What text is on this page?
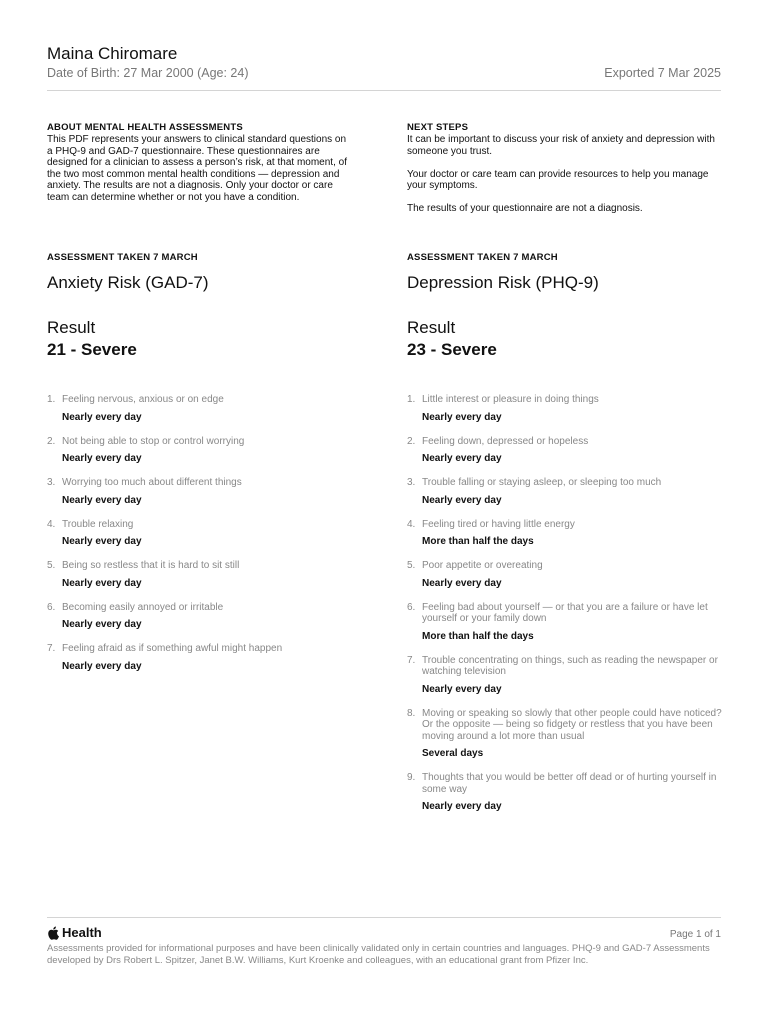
Maina Chiromare
Date of Birth: 27 Mar 2000 (Age: 24)	Exported 7 Mar 2025
ABOUT MENTAL HEALTH ASSESSMENTS

This PDF represents your answers to clinical standard questions on a PHQ-9 and GAD-7 questionnaire. These questionnaires are designed for a clinician to assess a person’s risk, at that moment, of the two most common mental health conditions — depression and anxiety. The results are not a diagnosis. Only your doctor or care team can determine whether or not you have a condition.

NEXT STEPS

It can be important to discuss your risk of anxiety and depression with someone you trust.

Your doctor or care team can provide resources to help you manage your symptoms.

The results of your questionnaire are not a diagnosis.

ASSESSMENT TAKEN 7 MARCH
Anxiety Risk (GAD-7)
Result
21 - Severe
1. Feeling nervous, anxious or on edge
Nearly every day
2. Not being able to stop or control worrying
Nearly every day
3. Worrying too much about different things
Nearly every day
4. Trouble relaxing
Nearly every day
5. Being so restless that it is hard to sit still
Nearly every day
6. Becoming easily annoyed or irritable
Nearly every day
7. Feeling afraid as if something awful might happen
Nearly every day
ASSESSMENT TAKEN 7 MARCH
Depression Risk (PHQ-9)
Result
23 - Severe
1. Little interest or pleasure in doing things
Nearly every day
2. Feeling down, depressed or hopeless
Nearly every day
3. Trouble falling or staying asleep, or sleeping too much
Nearly every day
4. Feeling tired or having little energy
More than half the days
5. Poor appetite or overeating
Nearly every day
6. Feeling bad about yourself — or that you are a failure or have let yourself or your family down
More than half the days
7. Trouble concentrating on things, such as reading the newspaper or watching television
Nearly every day
8. Moving or speaking so slowly that other people could have noticed? Or the opposite — being so fidgety or restless that you have been moving around a lot more than usual
Several days
9. Thoughts that you would be better off dead or of hurting yourself in some way
Nearly every day
Health	Page 1 of 1
Assessments provided for informational purposes and have been clinically validated only in certain countries and languages. PHQ-9 and GAD-7 Assessments developed by Drs Robert L. Spitzer, Janet B.W. Williams, Kurt Kroenke and colleagues, with an educational grant from Pfizer Inc.
